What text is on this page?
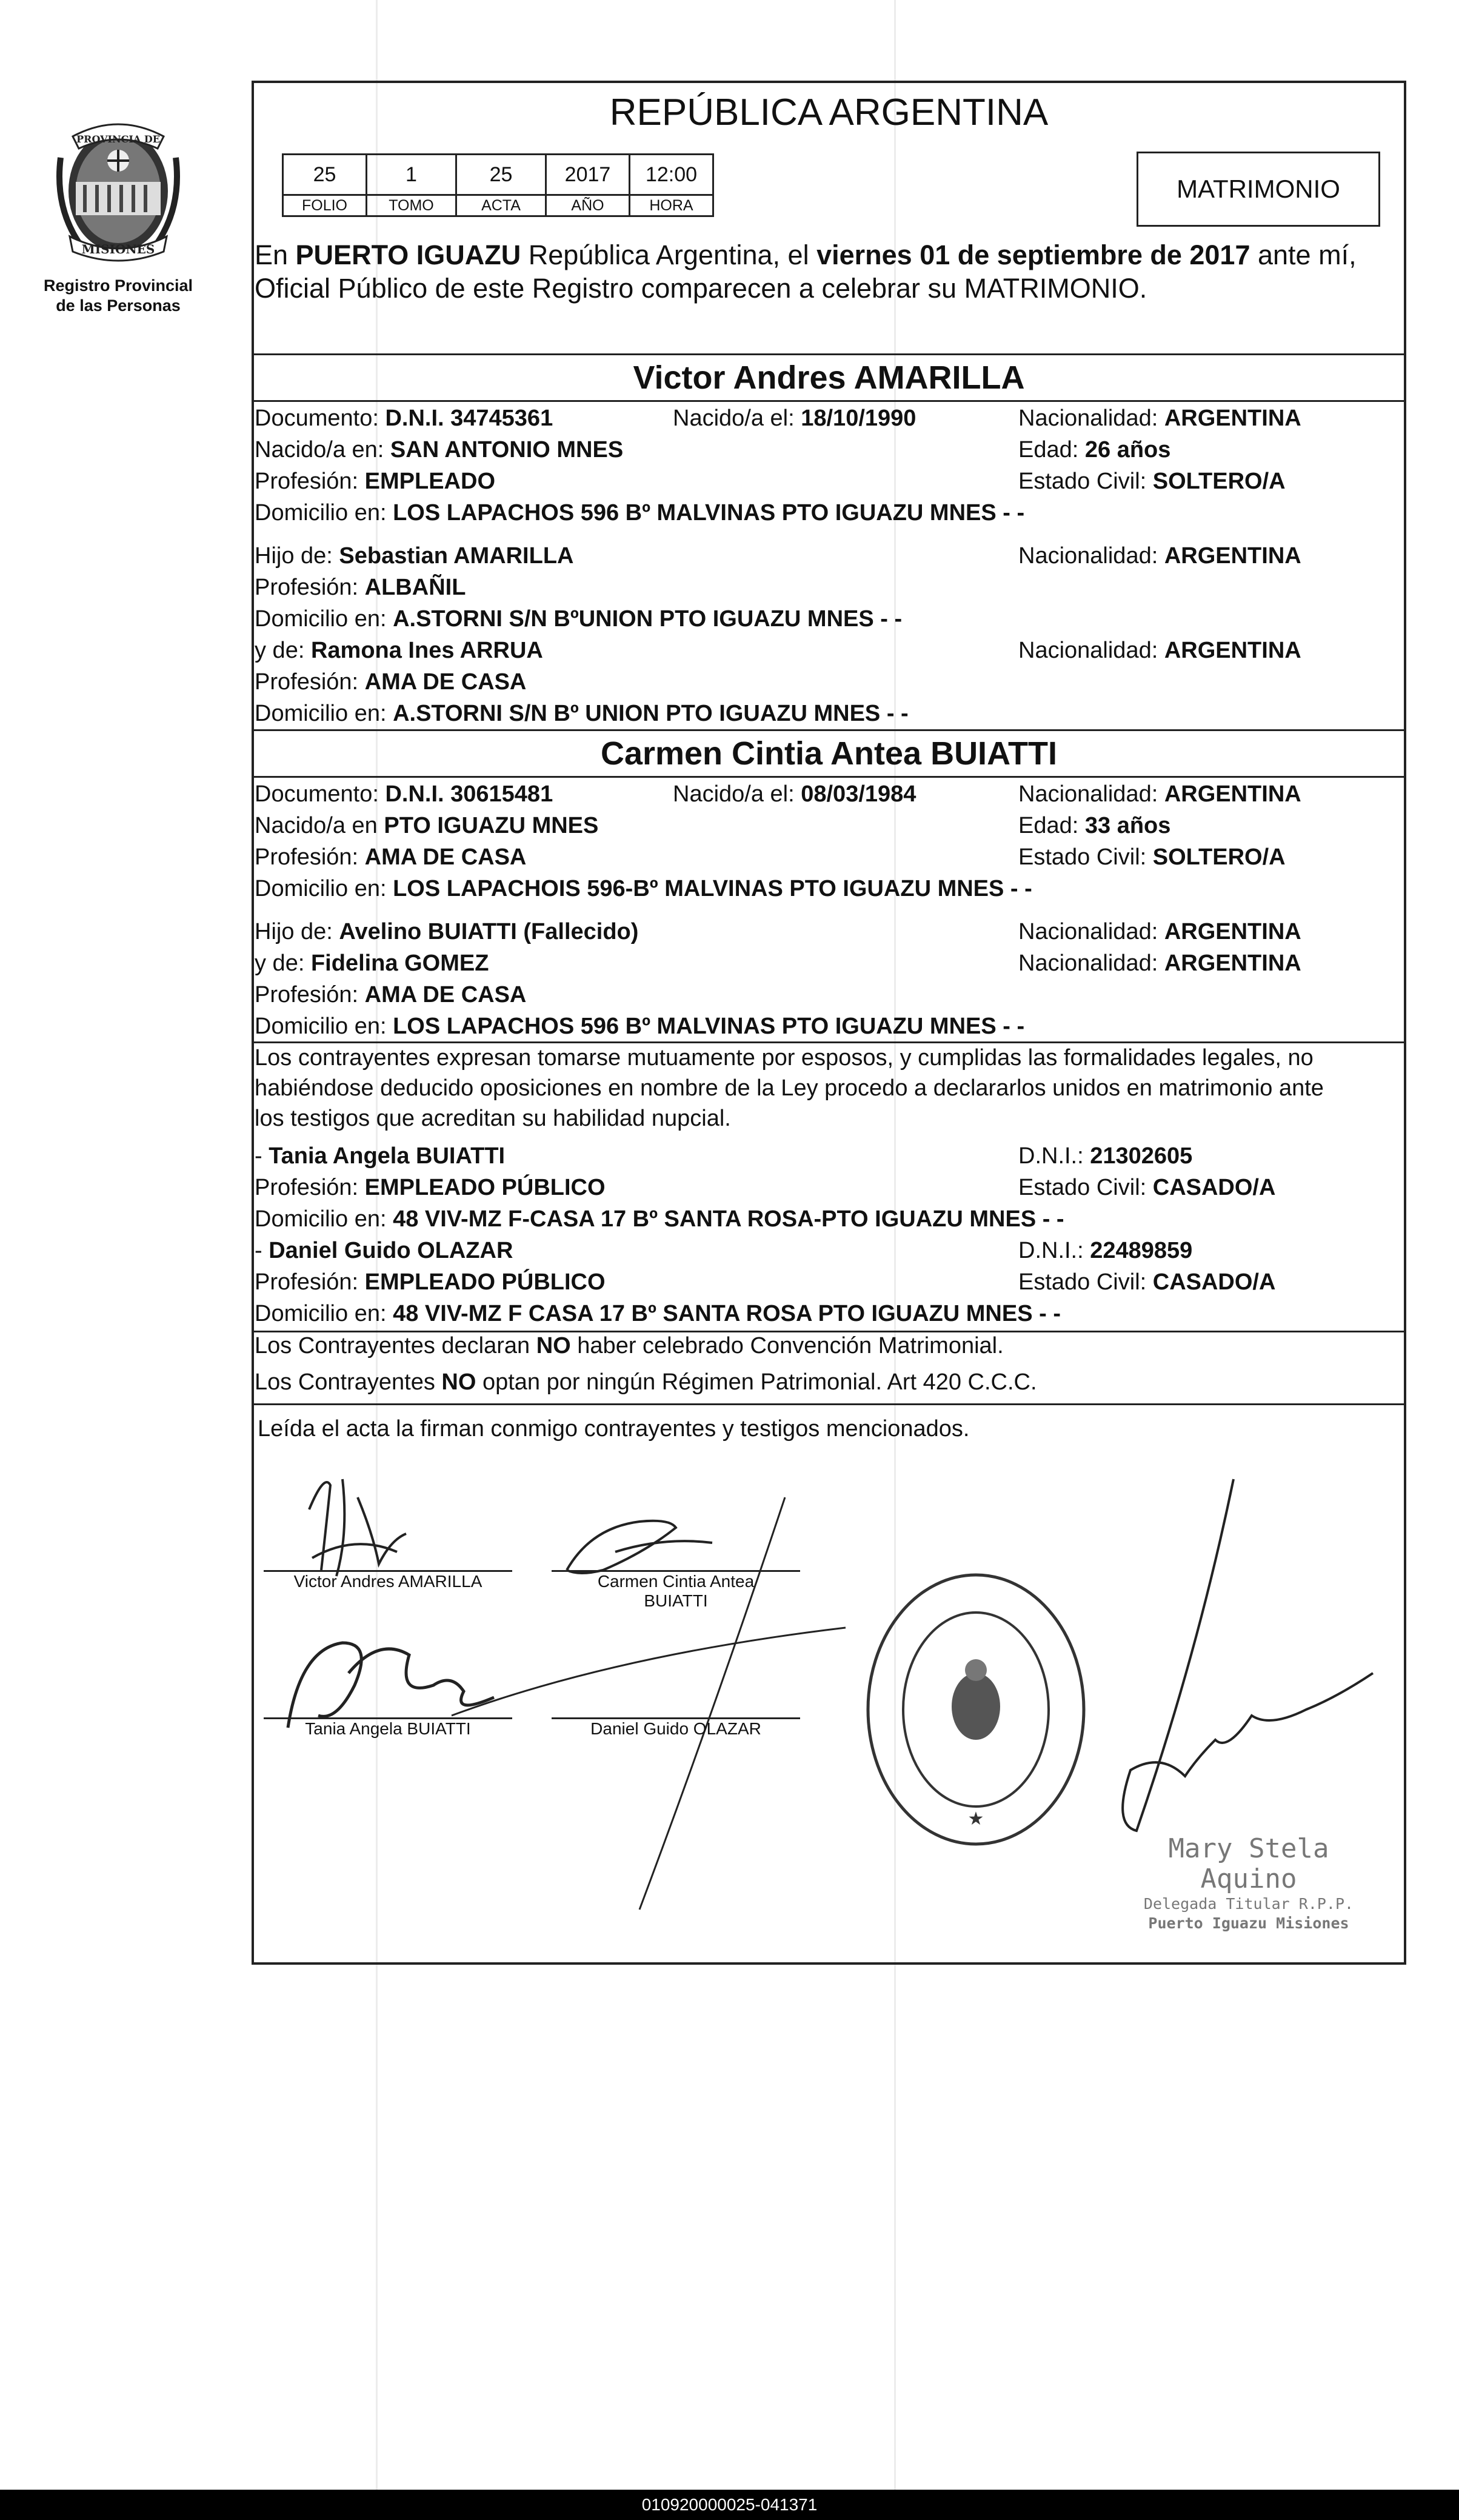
PROVINCIA DE
MISIONES
Registro Provincial
de las Personas
REPÚBLICA ARGENTINA
25	1	25	2017	12:00
FOLIO	TOMO	ACTA	AÑO	HORA
MATRIMONIO
En PUERTO IGUAZU República Argentina, el viernes 01 de septiembre de 2017 ante mí,
Oficial Público de este Registro comparecen a celebrar su MATRIMONIO.
Victor Andres AMARILLA
Documento: D.N.I. 34745361	Nacido/a el: 18/10/1990	Nacionalidad: ARGENTINA
Nacido/a en: SAN ANTONIO MNES	Edad: 26 años
Profesión: EMPLEADO	Estado Civil: SOLTERO/A
Domicilio en: LOS LAPACHOS 596 Bº MALVINAS PTO IGUAZU MNES - -
Hijo de: Sebastian AMARILLA	Nacionalidad: ARGENTINA
Profesión: ALBAÑIL
Domicilio en: A.STORNI S/N BºUNION PTO IGUAZU MNES - -
y de: Ramona Ines ARRUA	Nacionalidad: ARGENTINA
Profesión: AMA DE CASA
Domicilio en: A.STORNI S/N Bº UNION PTO IGUAZU MNES - -
Carmen Cintia Antea BUIATTI
Documento: D.N.I. 30615481	Nacido/a el: 08/03/1984	Nacionalidad: ARGENTINA
Nacido/a en PTO IGUAZU MNES	Edad: 33 años
Profesión: AMA DE CASA	Estado Civil: SOLTERO/A
Domicilio en: LOS LAPACHOIS 596-Bº MALVINAS PTO IGUAZU MNES - -
Hijo de: Avelino BUIATTI (Fallecido)	Nacionalidad: ARGENTINA
y de: Fidelina GOMEZ	Nacionalidad: ARGENTINA
Profesión: AMA DE CASA
Domicilio en: LOS LAPACHOS 596 Bº MALVINAS PTO IGUAZU MNES - -
Los contrayentes expresan tomarse mutuamente por esposos, y cumplidas las formalidades legales, no
habiéndose deducido oposiciones en nombre de la Ley procedo a declararlos unidos en matrimonio ante
los testigos que acreditan su habilidad nupcial.
- Tania Angela BUIATTI	D.N.I.: 21302605
Profesión: EMPLEADO PÚBLICO	Estado Civil: CASADO/A
Domicilio en: 48 VIV-MZ F-CASA 17 Bº SANTA ROSA-PTO IGUAZU MNES - -
- Daniel Guido OLAZAR	D.N.I.: 22489859
Profesión: EMPLEADO PÚBLICO	Estado Civil: CASADO/A
Domicilio en: 48 VIV-MZ F CASA 17 Bº SANTA ROSA PTO IGUAZU MNES - -
Los Contrayentes declaran NO haber celebrado Convención Matrimonial.
Los Contrayentes NO optan por ningún Régimen Patrimonial. Art 420 C.C.C.
Leída el acta la firman conmigo contrayentes y testigos mencionados.
Victor Andres AMARILLA	Carmen Cintia Antea
BUIATTI
Tania Angela BUIATTI	Daniel Guido OLAZAR
★
Mary Stela Aquino
Delegada Titular R.P.P.
Puerto Iguazu Misiones
010920000025-041371
